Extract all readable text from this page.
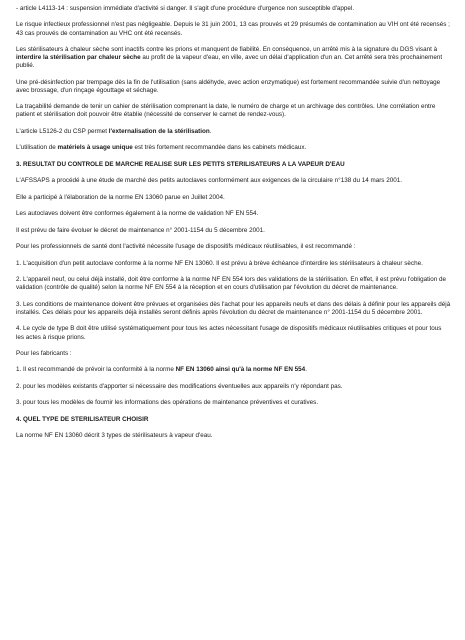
- article L4113-14 : suspension immédiate d'activité si danger. Il s'agit d'une procédure d'urgence non susceptible d'appel.

Le risque infectieux professionnel n'est pas négligeable. Depuis le 31 juin 2001, 13 cas prouvés et 29 présumés de contamination au VIH ont été recensés ; 43 cas prouvés de contamination au VHC ont été recensés.

Les stérilisateurs à chaleur sèche sont inactifs contre les prions et manquent de fiabilité. En conséquence, un arrêté mis à la signature du DGS visant à interdire la stérilisation par chaleur sèche au profit de la vapeur d'eau, en ville, avec un délai d'application d'un an. Cet arrêté sera très prochainement publié.

Une pré-désinfection par trempage dès la fin de l'utilisation (sans aldéhyde, avec action enzymatique) est fortement recommandée suivie d'un nettoyage avec brossage, d'un rinçage égouttage et séchage.

La traçabilité demande de tenir un cahier de stérilisation comprenant la date, le numéro de charge et un archivage des contrôles. Une corrélation entre patient et stérilisation doit pouvoir être établie (nécessité de conserver le carnet de rendez-vous).

L'article L5126-2 du CSP permet l'externalisation de la stérilisation.

L'utilisation de matériels à usage unique est très fortement recommandée dans les cabinets médicaux.

3. RESULTAT DU CONTROLE DE MARCHE REALISE SUR LES PETITS STERILISATEURS A LA VAPEUR D'EAU

L'AFSSAPS a procédé à une étude de marché des petits autoclaves conformément aux exigences de la circulaire n°138 du 14 mars 2001.

Elle a participé à l'élaboration de la norme EN 13060 parue en Juillet 2004.

Les autoclaves doivent être conformes également à la norme de validation NF EN 554.

Il est prévu de faire évoluer le décret de maintenance n° 2001-1154 du 5 décembre 2001.

Pour les professionnels de santé dont l'activité nécessite l'usage de dispositifs médicaux réutilisables, il est recommandé :

1. L'acquisition d'un petit autoclave conforme à la norme NF EN 13060. Il est prévu à brève échéance d'interdire les stérilisateurs à chaleur sèche.

2. L'appareil neuf, ou celui déjà installé, doit être conforme à la norme NF EN 554 lors des validations de la stérilisation. En effet, il est prévu l'obligation de validation (contrôle de qualité) selon la norme NF EN 554 à la réception et en cours d'utilisation par l'évolution du décret de maintenance.

3. Les conditions de maintenance doivent être prévues et organisées dès l'achat pour les appareils neufs et dans des délais à définir pour les appareils déjà installés. Ces délais pour les appareils déjà installés seront définis après l'évolution du décret de maintenance n° 2001-1154 du 5 décembre 2001.

4. Le cycle de type B doit être utilisé systématiquement pour tous les actes nécessitant l'usage de dispositifs médicaux réutilisables critiques et pour tous les actes à risque prions.

Pour les fabricants :

1. Il est recommandé de prévoir la conformité à la norme NF EN 13060 ainsi qu'à la norme NF EN 554.

2. pour les modèles existants d'apporter si nécessaire des modifications éventuelles aux appareils n'y répondant pas.

3. pour tous les modèles de fournir les informations des opérations de maintenance préventives et curatives.

4. QUEL TYPE DE STERILISATEUR CHOISIR

La norme NF EN 13060 décrit 3 types de stérilisateurs à vapeur d'eau.
